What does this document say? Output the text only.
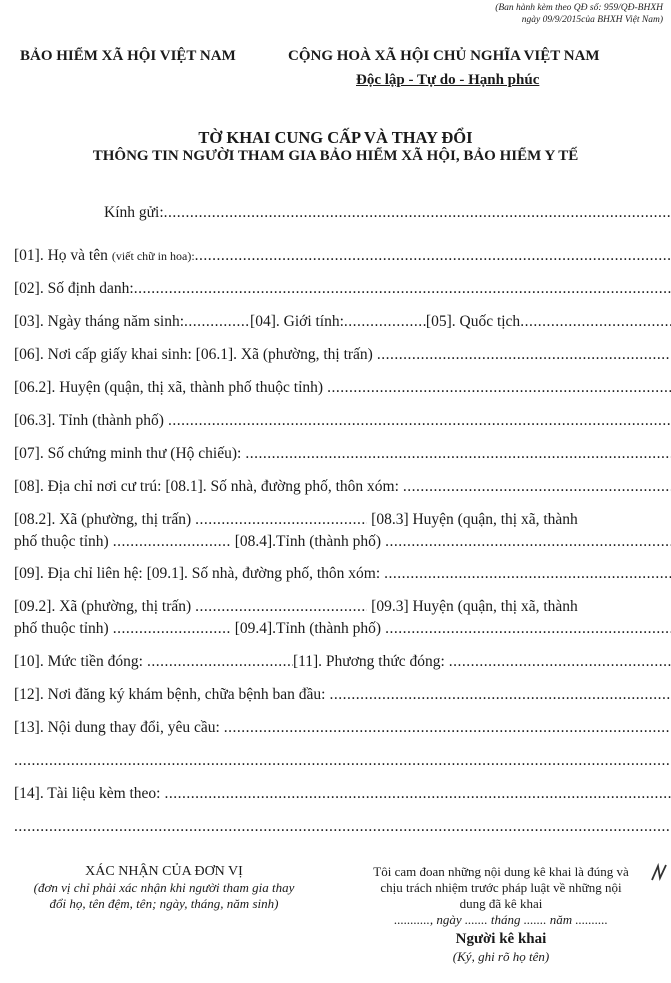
(Ban hành kèm theo QĐ số: 959/QĐ-BHXH
ngày 09/9/2015của BHXH Việt Nam)
BẢO HIỂM XÃ HỘI VIỆT NAM	CỘNG HOÀ XÃ HỘI CHỦ NGHĨA VIỆT NAM
Độc lập - Tự do - Hạnh phúc
TỜ KHAI CUNG CẤP VÀ THAY ĐỔI
THÔNG TIN NGƯỜI THAM GIA BẢO HIỂM XÃ HỘI, BẢO HIỂM Y TẾ
Kính gửi:
.....
[01]. Họ và tên (viết chữ in hoa):
.....
[02]. Số định danh:
.....
[03]. Ngày tháng năm sinh: .....	[04]. Giới tính: .....	[05]. Quốc tịch
.....
[06]. Nơi cấp giấy khai sinh: [06.1]. Xã (phường, thị trấn)
.....
[06.2]. Huyện (quận, thị xã, thành phố thuộc tỉnh)
.....
[06.3]. Tỉnh (thành phố)
.....
[07]. Số chứng minh thư (Hộ chiếu):
.....
[08]. Địa chỉ nơi cư trú: [08.1]. Số nhà, đường phố, thôn xóm:
.....
[08.2]. Xã (phường, thị trấn) .....	[08.3] Huyện (quận, thị xã, thành
phố thuộc tỉnh) .....	[08.4].Tỉnh (thành phố)
.....
[09]. Địa chỉ liên hệ: [09.1]. Số nhà, đường phố, thôn xóm:
.....
[09.2]. Xã (phường, thị trấn) .....	[09.3] Huyện (quận, thị xã, thành
phố thuộc tỉnh) .....	[09.4].Tỉnh (thành phố)
.....
[10]. Mức tiền đóng: .....	[11]. Phương thức đóng:
.....
[12]. Nơi đăng ký khám bệnh, chữa bệnh ban đầu:
.....
[13]. Nội dung thay đổi, yêu cầu:
.....
.....
[14]. Tài liệu kèm theo:
.....
.....
XÁC NHẬN CỦA ĐƠN VỊ
(đơn vị chỉ phải xác nhận khi người tham gia thay
đổi họ, tên đệm, tên; ngày, tháng, năm sinh)
Tôi cam đoan những nội dung kê khai là đúng và
chịu trách nhiệm trước pháp luật về những nội
dung đã kê khai
..........., ngày ....... tháng ....... năm ..........
Người kê khai
(Ký, ghi rõ họ tên)
